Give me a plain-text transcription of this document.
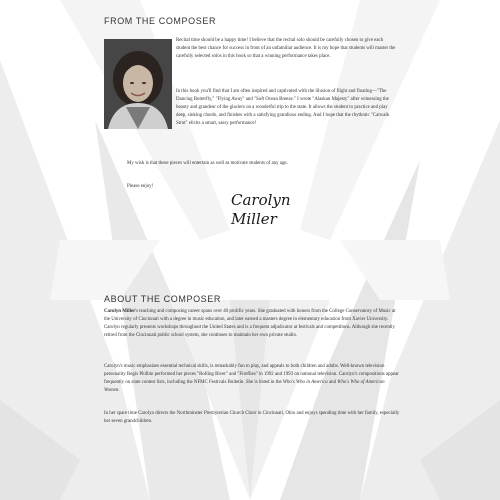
FROM THE COMPOSER

Recital time should be a happy time! I believe that the recital solo should be carefully chosen to give each student the best chance for success in front of an unfamiliar audience. It is my hope that students will master the carefully selected solos in this book so that a winning performance takes place.

In this book you'll find that I am often inspired and captivated with the illusion of flight and floating—"The Dancing Butterfly," "Flying Away" and "Soft Ocean Breeze." I wrote "Alaskan Majesty" after witnessing the beauty and grandeur of the glaciers on a wonderful trip to the state. It allows the student to practice and play deep, sinking chords, and finishes with a satisfying grandioso ending. And I hope that the rhythmic "Catwalk Strut" elicits a smart, sassy performance!

My wish is that these pieces will entertain as well as motivate students of any age.

Please enjoy!

Carolyn Miller
ABOUT THE COMPOSER

Carolyn Miller's teaching and composing career spans over 40 prolific years. She graduated with honors from the College Conservatory of Music at the University of Cincinnati with a degree in music education, and later earned a masters degree in elementary education from Xavier University. Carolyn regularly presents workshops throughout the United States and is a frequent adjudicator at festivals and competitions. Although she recently retired from the Cincinnati public school system, she continues to maintain her own private studio.

Carolyn's music emphasizes essential technical skills, is remarkably fun to play, and appeals to both children and adults. Well-known television personality Regis Philbin performed her pieces "Rolling River" and "Fireflies" in 1992 and 1993 on national television. Carolyn's compositions appear frequently on state contest lists, including the NFMC Festivals Bulletin. She is listed in the Who's Who in America and Who's Who of American Women.

In her spare time Carolyn directs the Northminster Presbyterian Church Choir in Cincinnati, Ohio and enjoys spending time with her family, especially her seven grandchildren.
